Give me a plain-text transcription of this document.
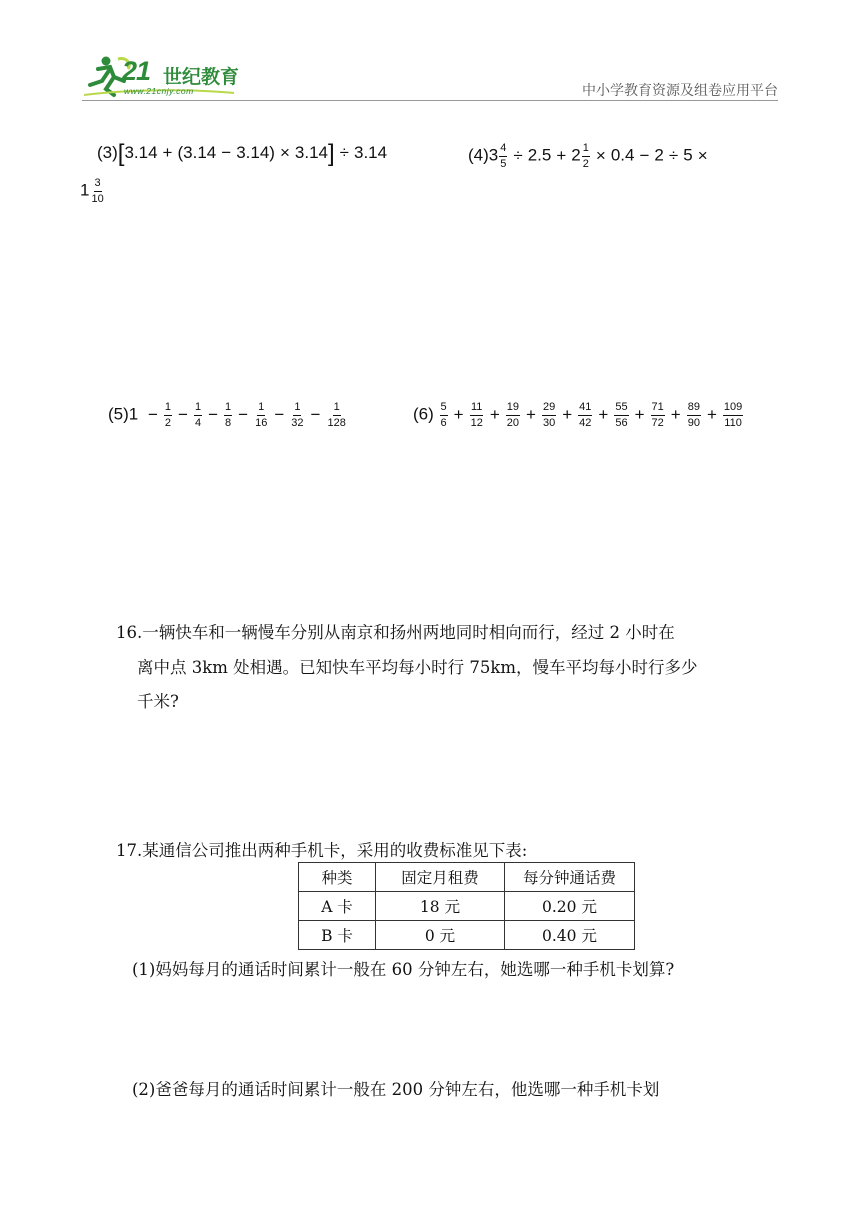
21 世纪教育
www.21cnjy.com	中小学教育资源及组卷应用平台
(3)[3.14 + (3.14 − 3.14) × 3.14] ÷ 3.14	$(4)3 \frac{4}{5} \div 2.5 + 2 \frac{1}{2} \times 0.4 - 2 \div 5$ ×
$1 \frac{3}{10}$
$(5)1 - \frac{1}{2} - \frac{1}{4} - \frac{1}{8} - \frac{1}{16} - \frac{1}{32} - \frac{1}{128}$	$(6) \frac{5}{6} + \frac{11}{12} + \frac{19}{20} + \frac{29}{30} + \frac{41}{42} + \frac{55}{56} + \frac{71}{72} + \frac{89}{90} + \frac{109}{110}$
16.一辆快车和一辆慢车分别从南京和扬州两地同时相向而行，经过 2 小时在
离中点 3km 处相遇。已知快车平均每小时行 75km，慢车平均每小时行多少
千米?
17.某通信公司推出两种手机卡，采用的收费标准见下表:
种类	固定月租费	每分钟通话费
A 卡	18 元	0.20 元
B 卡	0 元	0.40 元
(1)妈妈每月的通话时间累计一般在 60 分钟左右，她选哪一种手机卡划算?
(2)爸爸每月的通话时间累计一般在 200 分钟左右，他选哪一种手机卡划
